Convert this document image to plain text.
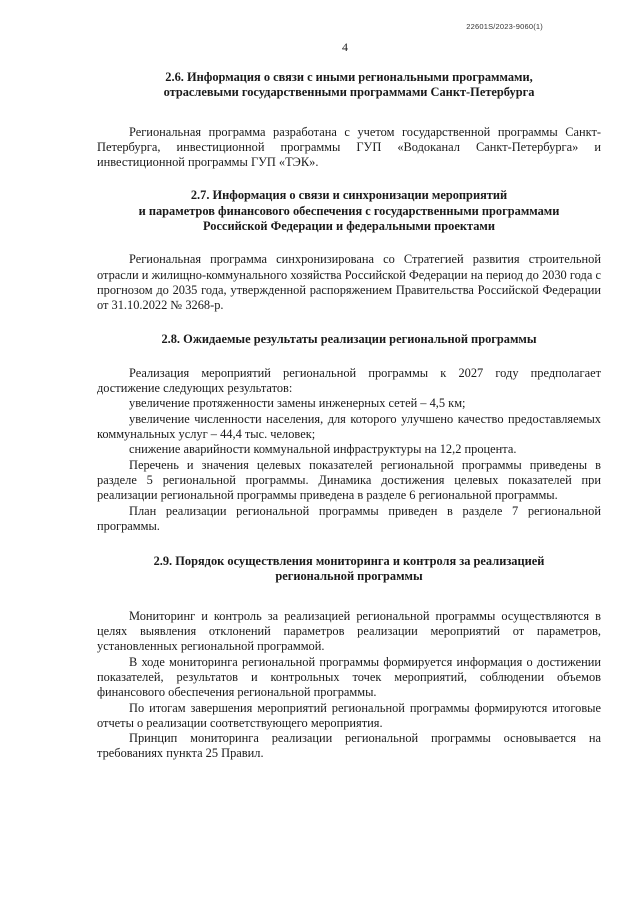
22601S/2023-9060(1)
4
2.6. Информация о связи с иными региональными программами,
отраслевыми государственными программами Санкт-Петербурга

Региональная программа разработана с учетом государственной программы Санкт-Петербурга, инвестиционной программы ГУП «Водоканал Санкт-Петербурга» и инвестиционной программы ГУП «ТЭК».

2.7. Информация о связи и синхронизации мероприятий
и параметров финансового обеспечения с государственными программами
Российской Федерации и федеральными проектами

Региональная программа синхронизирована со Стратегией развития строительной отрасли и жилищно-коммунального хозяйства Российской Федерации на период до 2030 года с прогнозом до 2035 года, утвержденной распоряжением Правительства Российской Федерации от 31.10.2022 № 3268-р.

2.8. Ожидаемые результаты реализации региональной программы

Реализация мероприятий региональной программы к 2027 году предполагает достижение следующих результатов:

увеличение протяженности замены инженерных сетей – 4,5 км;

увеличение численности населения, для которого улучшено качество предоставляемых коммунальных услуг – 44,4 тыс. человек;

снижение аварийности коммунальной инфраструктуры на 12,2 процента.

Перечень и значения целевых показателей региональной программы приведены в разделе 5 региональной программы. Динамика достижения целевых показателей при реализации региональной программы приведена в разделе 6 региональной программы.

План реализации региональной программы приведен в разделе 7 региональной программы.

2.9. Порядок осуществления мониторинга и контроля за реализацией
региональной программы

Мониторинг и контроль за реализацией региональной программы осуществляются в целях выявления отклонений параметров реализации мероприятий от параметров, установленных региональной программой.

В ходе мониторинга региональной программы формируется информация о достижении показателей, результатов и контрольных точек мероприятий, соблюдении объемов финансового обеспечения региональной программы.

По итогам завершения мероприятий региональной программы формируются итоговые отчеты о реализации соответствующего мероприятия.

Принцип мониторинга реализации региональной программы основывается на требованиях пункта 25 Правил.
